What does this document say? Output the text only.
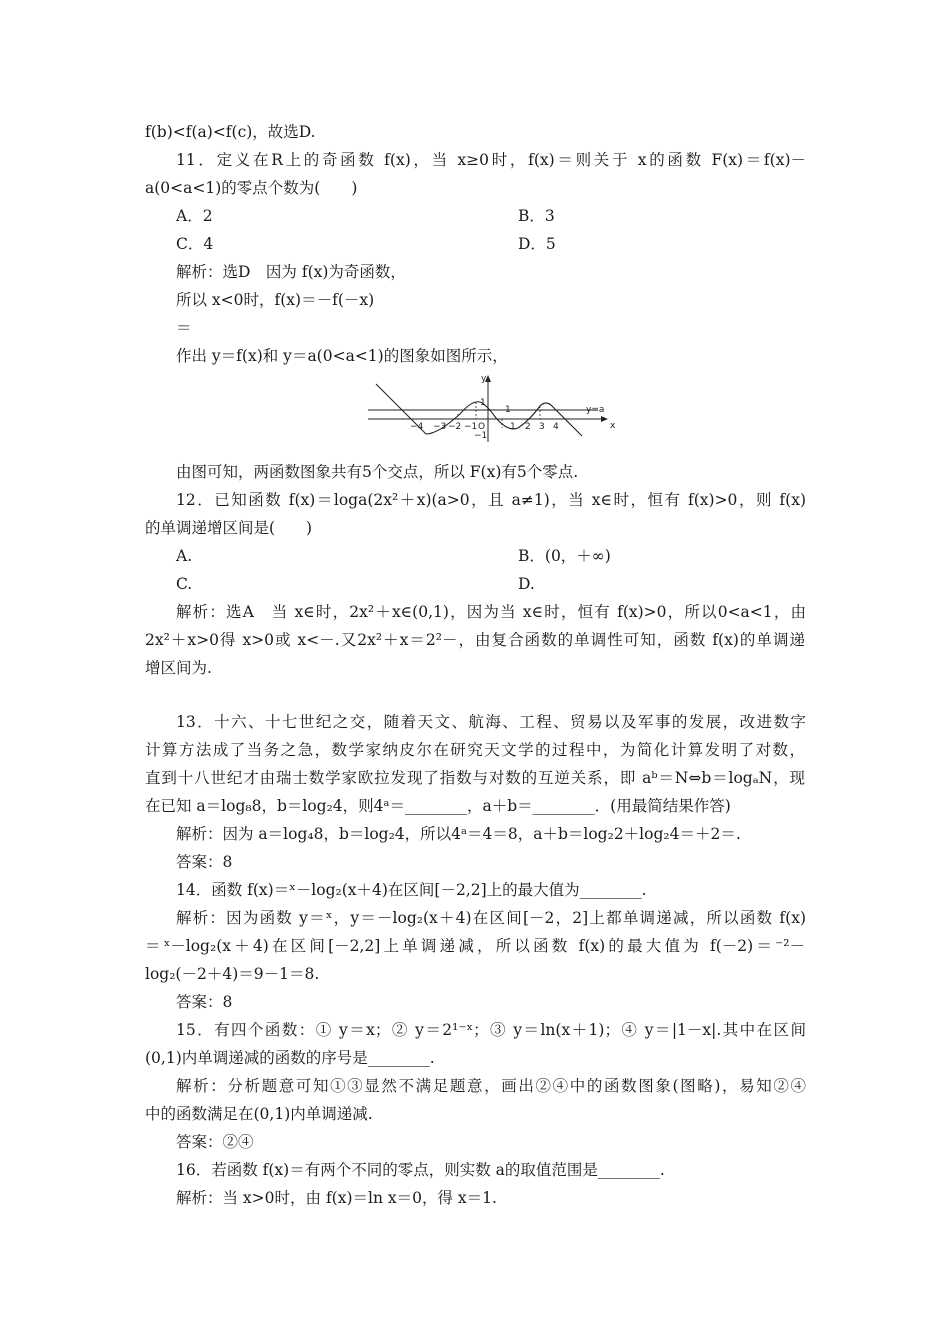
f(b)<f(a)<f(c)，故选D.
11．定义在R上的奇函数 f(x)，当 x≥0时，f(x)＝则关于 x的函数 F(x)＝f(x)－
a(0<a<1)的零点个数为(　　)
A．2	B．3
C．4	D．5
解析：选D　因为 f(x)为奇函数，
所以 x<0时，f(x)＝－f(－x)
＝
作出 y＝f(x)和 y＝a(0<a<1)的图象如图所示，
y
x
y=a
1
−1
1
−4 −3 −2 −1 O	1 2 3 4
由图可知，两函数图象共有5个交点，所以 F(x)有5个零点.
12．已知函数 f(x)＝loga(2x²＋x)(a>0，且 a≠1)，当 x∈时，恒有 f(x)>0，则 f(x)
的单调递增区间是(　　)
A.	B．(0，＋∞)
C.	D.
解析：选A　当 x∈时，2x²＋x∈(0,1)，因为当 x∈时，恒有 f(x)>0，所以0<a<1，由
2x²＋x>0得 x>0或 x<－.又2x²＋x＝2²－，由复合函数的单调性可知，函数 f(x)的单调递
增区间为.
13．十六、十七世纪之交，随着天文、航海、工程、贸易以及军事的发展，改进数字
计算方法成了当务之急，数学家纳皮尔在研究天文学的过程中，为简化计算发明了对数，
直到十八世纪才由瑞士数学家欧拉发现了指数与对数的互逆关系，即 aᵇ＝N⇔b＝logₐN，现
在已知 a＝log₈8，b＝log₂4，则4ᵃ＝________，a＋b＝________．(用最简结果作答)
解析：因为 a＝log₄8，b＝log₂4，所以4ᵃ＝4＝8，a＋b＝log₂2＋log₂4＝＋2＝.
答案：8
14．函数 f(x)＝ˣ－log₂(x＋4)在区间[－2,2]上的最大值为________.
解析：因为函数 y＝ˣ，y＝－log₂(x＋4)在区间[－2，2]上都单调递减，所以函数 f(x)
＝ˣ－log₂(x＋4)在区间[－2,2]上单调递减，所以函数 f(x)的最大值为 f(－2)＝⁻²－
log₂(－2＋4)＝9－1＝8.
答案：8
15．有四个函数：① y＝x；② y＝2¹⁻ˣ；③ y＝ln(x＋1)；④ y＝|1－x|.其中在区间
(0,1)内单调递减的函数的序号是________.
解析：分析题意可知①③显然不满足题意，画出②④中的函数图象(图略)，易知②④
中的函数满足在(0,1)内单调递减.
答案：②④
16．若函数 f(x)＝有两个不同的零点，则实数 a的取值范围是________.
解析：当 x>0时，由 f(x)＝ln x＝0，得 x＝1.
